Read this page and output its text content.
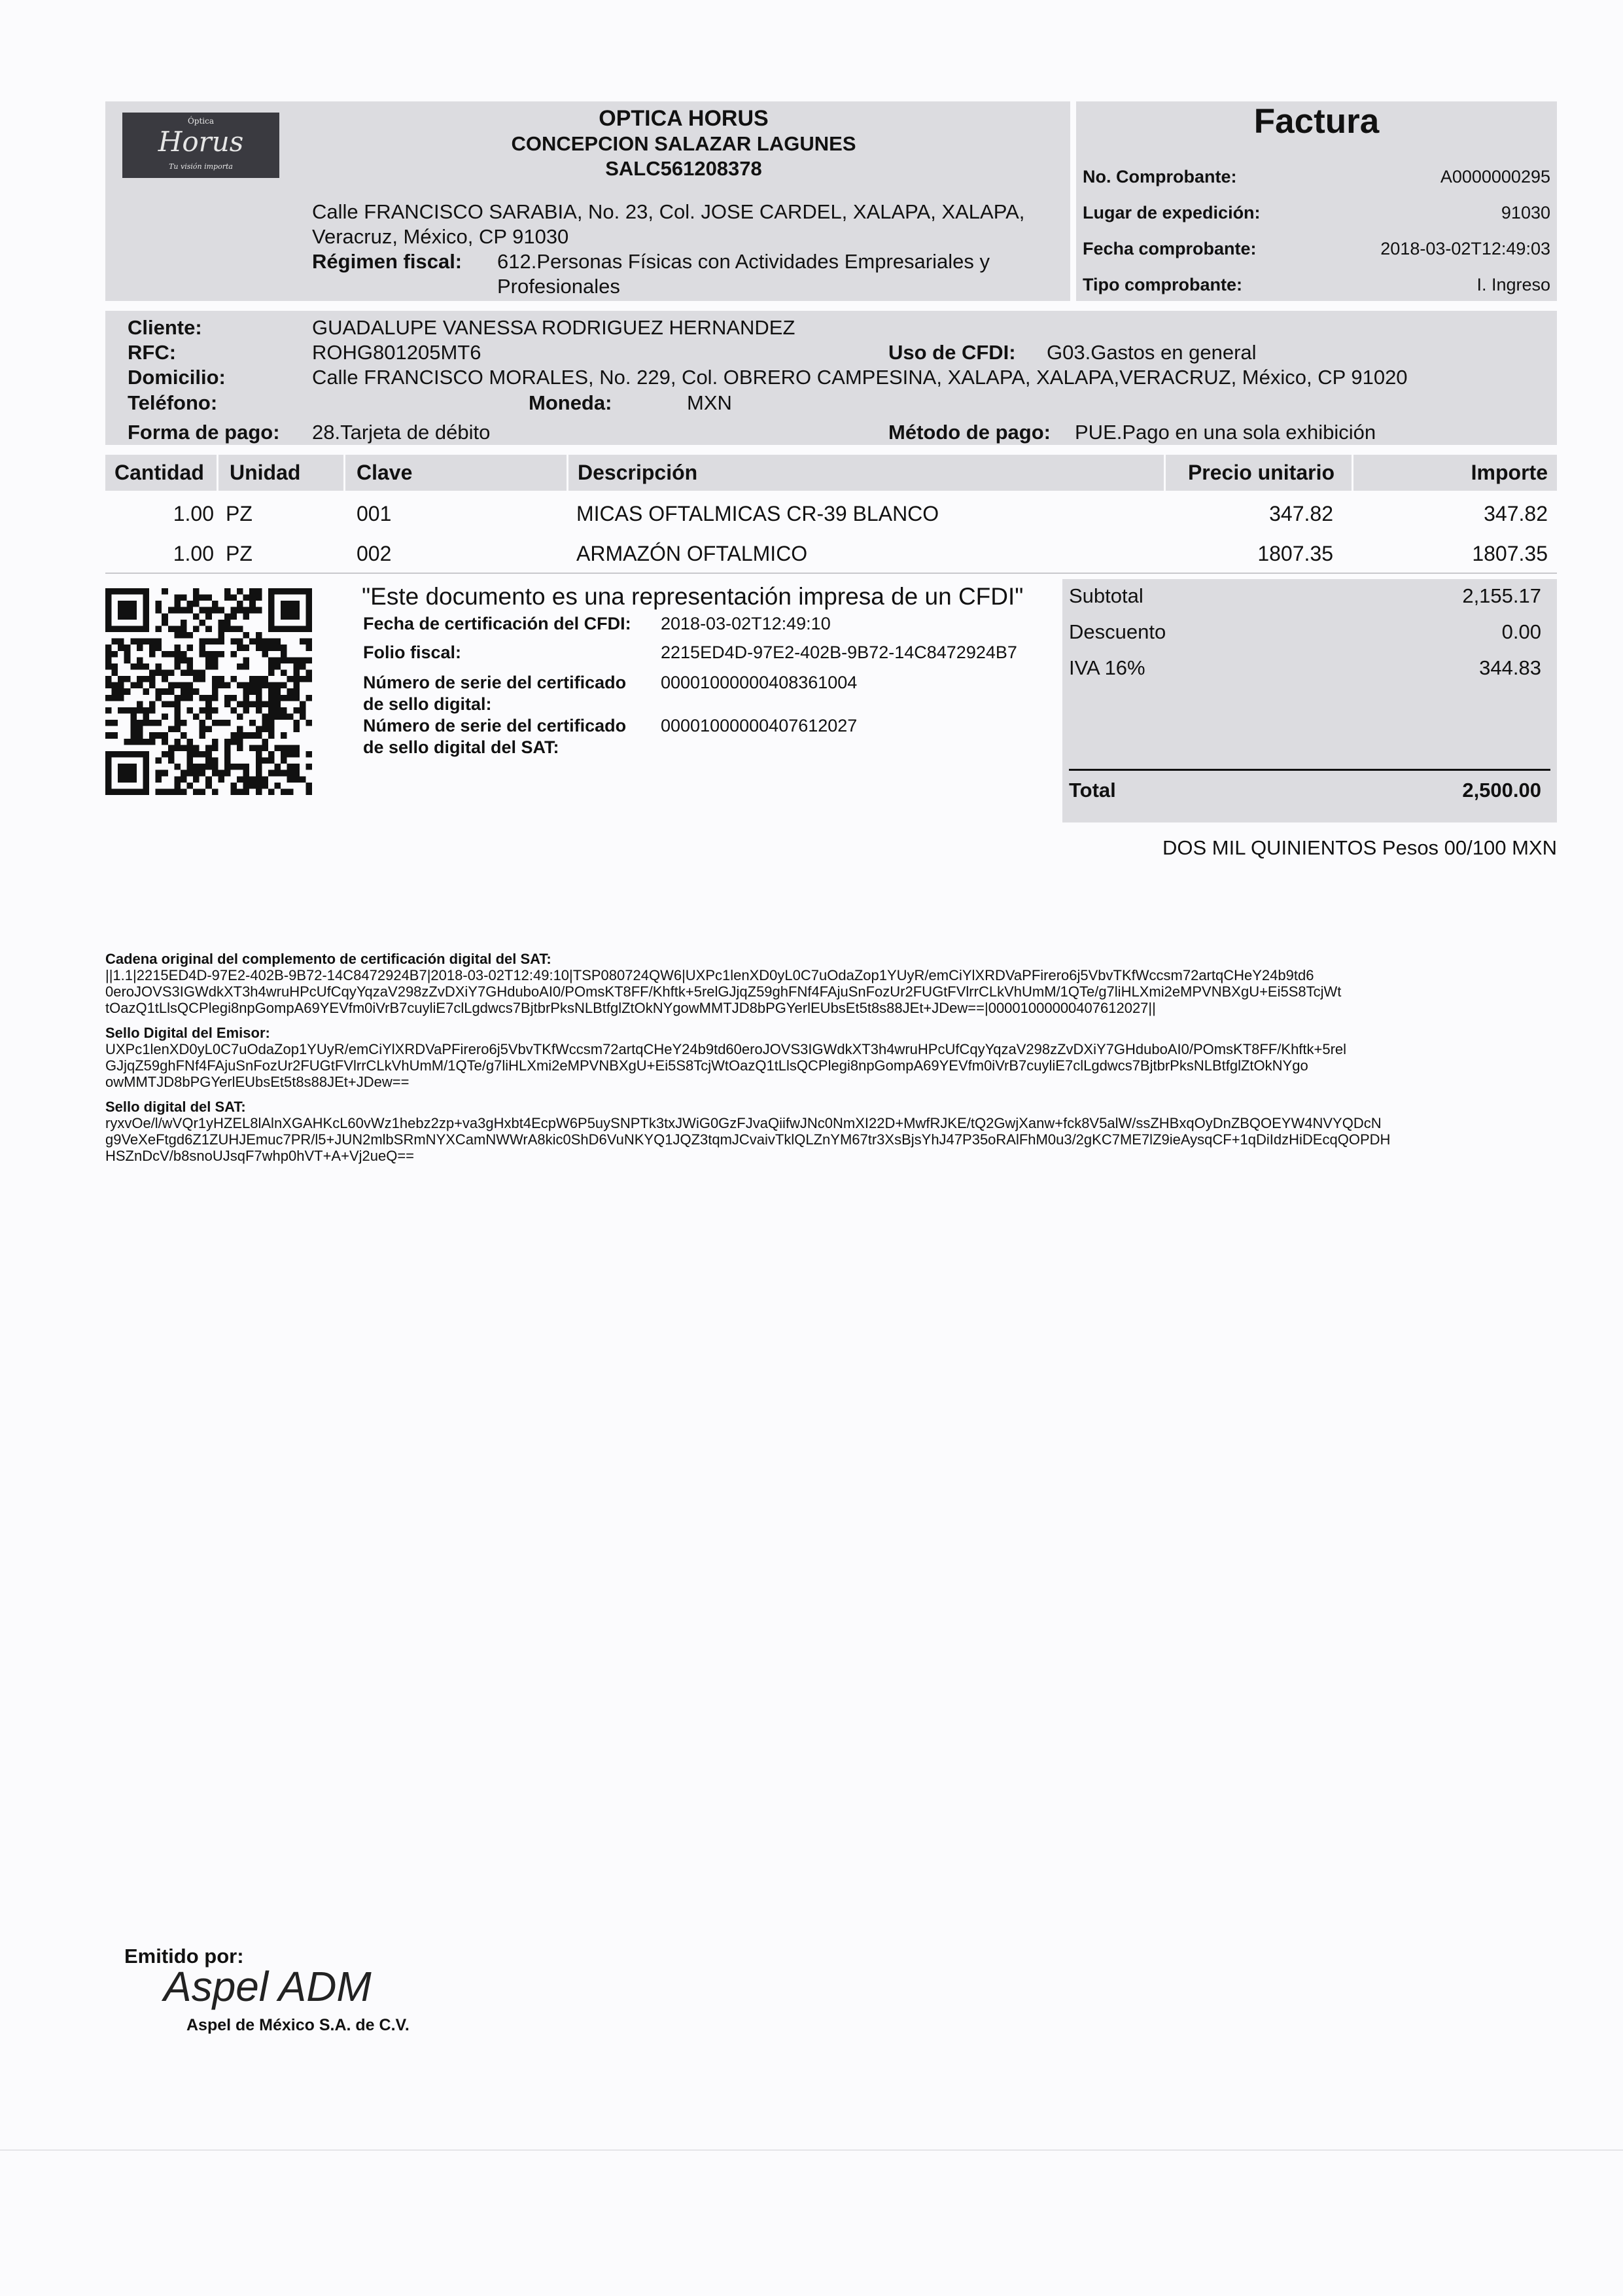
Óptica
Horus
Tu visión importa
OPTICA HORUS
CONCEPCION SALAZAR LAGUNES
SALC561208378
Calle FRANCISCO SARABIA, No. 23, Col. JOSE CARDEL, XALAPA, XALAPA,
Veracruz, México, CP 91030
Régimen fiscal: 612.Personas Físicas con Actividades Empresariales y
Profesionales
Factura
No. Comprobante:	A0000000295
Lugar de expedición:	91030
Fecha comprobante:	2018-03-02T12:49:03
Tipo comprobante:	I. Ingreso
Cliente:	GUADALUPE VANESSA RODRIGUEZ HERNANDEZ
RFC:	ROHG801205MT6	Uso de CFDI: G03.Gastos en general
Domicilio:	Calle FRANCISCO MORALES, No. 229, Col. OBRERO CAMPESINA, XALAPA, XALAPA,VERACRUZ, México, CP 91020
Teléfono:	Moneda:	MXN
Forma de pago: 28.Tarjeta de débito	Método de pago: PUE.Pago en una sola exhibición
Cantidad Unidad	Clave	Descripción	Precio unitario	Importe
1.00 PZ	001	MICAS OFTALMICAS CR-39 BLANCO	347.82	347.82
1.00 PZ	002	ARMAZÓN OFTALMICO	1807.35	1807.35
"Este documento es una representación impresa de un CFDI"
Fecha de certificación del CFDI: 2018-03-02T12:49:10
Folio fiscal:	2215ED4D-97E2-402B-9B72-14C8472924B7
Número de serie del certificado
de sello digital:
00001000000408361004
Número de serie del certificado
de sello digital del SAT:
00001000000407612027
Subtotal	2,155.17
Descuento	0.00
IVA 16%	344.83
Total	2,500.00
DOS MIL QUINIENTOS Pesos 00/100 MXN
Cadena original del complemento de certificación digital del SAT:
||1.1|2215ED4D-97E2-402B-9B72-14C8472924B7|2018-03-02T12:49:10|TSP080724QW6|UXPc1lenXD0yL0C7uOdaZop1YUyR/emCiYlXRDVaPFirero6j5VbvTKfWccsm72artqCHeY24b9td6
0eroJOVS3IGWdkXT3h4wruHPcUfCqyYqzaV298zZvDXiY7GHduboAI0/POmsKT8FF/Khftk+5relGJjqZ59ghFNf4FAjuSnFozUr2FUGtFVlrrCLkVhUmM/1QTe/g7liHLXmi2eMPVNBXgU+Ei5S8TcjWt
tOazQ1tLlsQCPlegi8npGompA69YEVfm0iVrB7cuyliE7clLgdwcs7BjtbrPksNLBtfglZtOkNYgowMMTJD8bPGYerlEUbsEt5t8s88JEt+JDew==|00001000000407612027||
Sello Digital del Emisor:
UXPc1lenXD0yL0C7uOdaZop1YUyR/emCiYlXRDVaPFirero6j5VbvTKfWccsm72artqCHeY24b9td60eroJOVS3IGWdkXT3h4wruHPcUfCqyYqzaV298zZvDXiY7GHduboAI0/POmsKT8FF/Khftk+5rel
GJjqZ59ghFNf4FAjuSnFozUr2FUGtFVlrrCLkVhUmM/1QTe/g7liHLXmi2eMPVNBXgU+Ei5S8TcjWtOazQ1tLlsQCPlegi8npGompA69YEVfm0iVrB7cuyliE7clLgdwcs7BjtbrPksNLBtfglZtOkNYgo
owMMTJD8bPGYerlEUbsEt5t8s88JEt+JDew==
Sello digital del SAT:
ryxvOe/l/wVQr1yHZEL8lAlnXGAHKcL60vWz1hebz2zp+va3gHxbt4EcpW6P5uySNPTk3txJWiG0GzFJvaQiifwJNc0NmXI22D+MwfRJKE/tQ2GwjXanw+fck8V5alW/ssZHBxqOyDnZBQOEYW4NVYQDcN
g9VeXeFtgd6Z1ZUHJEmuc7PR/l5+JUN2mlbSRmNYXCamNWWrA8kic0ShD6VuNKYQ1JQZ3tqmJCvaivTklQLZnYM67tr3XsBjsYhJ47P35oRAlFhM0u3/2gKC7ME7lZ9ieAysqCF+1qDiIdzHiDEcqQOPDH
HSZnDcV/b8snoUJsqF7whp0hVT+A+Vj2ueQ==
Emitido por:
Aspel ADM
Aspel de México S.A. de C.V.
